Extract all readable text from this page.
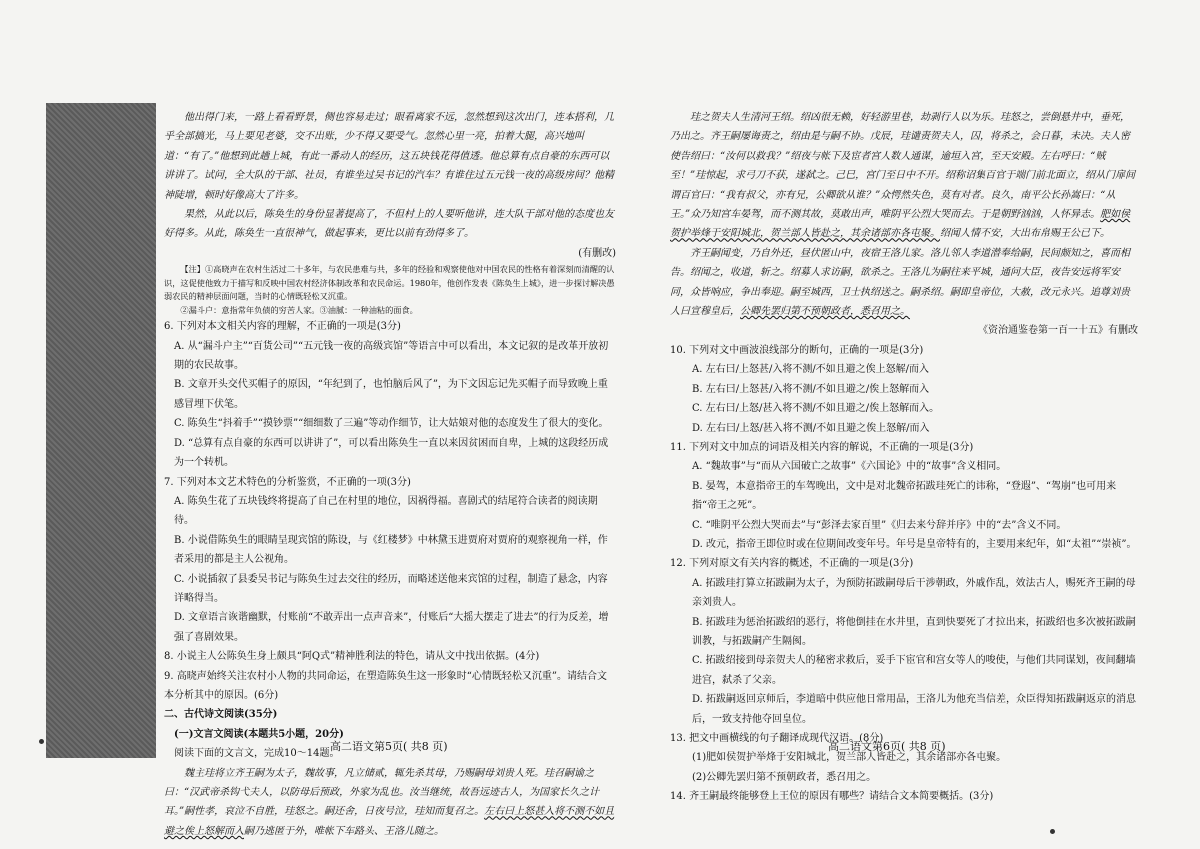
他出得门来，一路上看看野景，侧也容易走过；眼看离家不远，忽然想到这次出门，连本搭利，几乎全部搞光，马上要见老婆，交不出账，少不得又要受气。忽然心里一亮，拍着大腿，高兴地叫道：“有了。”他想到此趟上城，有此一番动人的经历，这五块钱花得值透。他总算有点自豪的东西可以讲讲了。试问，全大队的干部、社员，有谁坐过吴书记的汽车？有谁住过五元钱一夜的高级房间？他精神陡增，顿时好像高大了许多。

果然，从此以后，陈奂生的身份显著提高了，不但村上的人要听他讲，连大队干部对他的态度也友好得多。从此，陈奂生一直很神气，做起事来，更比以前有劲得多了。

(有删改)

【注】①高晓声在农村生活过二十多年，与农民患难与共，多年的经验和观察使他对中国农民的性格有着深刻而清醒的认识，这促使他致力于描写和反映中国农村经济体制改革和农民命运。1980年，他创作发表《陈奂生上城》，进一步探讨解决愚弱农民的精神层面问题，当时的心情既轻松又沉重。

②漏斗户：意指常年负债的穷苦人家。③油腻：一种油粘的面食。

6. 下列对本文相关内容的理解，不正确的一项是(3分)

A. 从“漏斗户主”“百货公司”“五元钱一夜的高级宾馆”等语言中可以看出，本文记叙的是改革开放初期的农民故事。

B. 文章开头交代买帽子的原因，“年纪到了，也怕脑后风了”，为下文因忘记先买帽子而导致晚上重感冒埋下伏笔。

C. 陈奂生“抖着手”“摸钞票”“细细数了三遍”等动作细节，让大姑娘对他的态度发生了很大的变化。

D. “总算有点自豪的东西可以讲讲了”，可以看出陈奂生一直以来因贫困而自卑，上城的这段经历成为一个转机。

7. 下列对本文艺术特色的分析鉴赏，不正确的一项(3分)

A. 陈奂生花了五块钱终将提高了自己在村里的地位，因祸得福。喜剧式的结尾符合读者的阅读期待。

B. 小说借陈奂生的眼睛呈现宾馆的陈设，与《红楼梦》中林黛玉进贾府对贾府的观察视角一样，作者采用的都是主人公视角。

C. 小说插叙了县委吴书记与陈奂生过去交往的经历，而略述送他来宾馆的过程，制造了悬念，内容详略得当。

D. 文章语言诙谐幽默，付账前“不敢弄出一点声音来”，付账后“大摇大摆走了进去”的行为反差，增强了喜剧效果。

8. 小说主人公陈奂生身上颇具“阿Q式”精神胜利法的特色，请从文中找出依据。(4分)

9. 高晓声始终关注农村小人物的共同命运，在塑造陈奂生这一形象时“心情既轻松又沉重”。请结合文本分析其中的原因。(6分)

二、古代诗文阅读(35分)

(一)文言文阅读(本题共5小题，20分)

阅读下面的文言文，完成10～14题。

魏主珪将立齐王嗣为太子，魏故事，凡立储贰，辄先杀其母，乃赐嗣母刘贵人死。珪召嗣谕之曰：“汉武帝杀钩弋夫人，以防母后预政，外家为乱也。汝当继统，故吾远迹古人，为国家长久之计耳。”嗣性孝，哀泣不自胜，珪怒之。嗣还舍，日夜号泣，珪知而复召之。左右曰上怒甚入将不测不如且避之俟上怒解而入嗣乃逃匿于外，唯帐下车路头、王洛儿随之。

珪之贺夫人生清河王绍。绍凶很无赖，好轻游里巷，劫剥行人以为乐。珪怒之，尝倒悬井中，垂死，乃出之。齐王嗣屡诲责之，绍由是与嗣不协。戊辰，珪谴责贺夫人，囚，将杀之，会日暮，未决。夫人密使告绍曰：“汝何以救我？”绍夜与帐下及宦者宫人数人通谋，逾垣入宫，至天安殿。左右呼曰：“贼至！”珪惊起，求弓刀不获，遂弑之。己巳，宫门至日中不开。绍称诏集百官于端门前北面立，绍从门扉间谓百官曰：“我有叔父，亦有兄，公卿欲从谁？”众愕然失色，莫有对者。良久，南平公长孙嵩曰：“从王。”众乃知宫车晏驾，而不测其故，莫敢出声，唯阴平公烈大哭而去。于是朝野汹汹，人怀异志。肥如侯贺护举烽于安阳城北，贺兰部人皆赴之，其余诸部亦各屯聚。绍闻人情不安，大出布帛赐王公已下。

齐王嗣闻变，乃自外还，昼伏匿山中，夜宿王洛儿家。洛儿邻人李道潜奉给嗣，民间颇知之，喜而相告。绍闻之，收道，斩之。绍募人求访嗣，欲杀之。王洛儿为嗣往来平城，通问大臣，夜告安远将军安同，众皆响应，争出奉迎。嗣至城西，卫士执绍送之。嗣杀绍。嗣即皇帝位，大赦，改元永兴。追尊刘贵人曰宣穆皇后，公卿先罢归第不预朝政者，悉召用之。

《资治通鉴卷第一百一十五》有删改

10. 下列对文中画波浪线部分的断句，正确的一项是(3分)

A. 左右曰/上怒甚/入将不测/不如且避之俟上怒解/而入

B. 左右曰/上怒甚/入将不测/不如且避之/俟上怒解而入

C. 左右曰/上怒/甚入将不测/不如且避之/俟上怒解而入。

D. 左右曰/上怒/甚入将不测/不如且避之俟上怒解/而入

11. 下列对文中加点的词语及相关内容的解说，不正确的一项是(3分)

A. “魏故事”与“而从六国破亡之故事”《六国论》中的“故事”含义相同。

B. 晏驾，本意指帝王的车驾晚出，文中是对北魏帝拓跋珪死亡的讳称，“登遐”、“驾崩”也可用来指“帝王之死”。

C. “唯阴平公烈大哭而去”与“彭泽去家百里”《归去来兮辞并序》中的“去”含义不同。

D. 改元，指帝王即位时或在位期间改变年号。年号是皇帝特有的，主要用来纪年，如“太祖”“崇祯”。

12. 下列对原文有关内容的概述，不正确的一项是(3分)

A. 拓跋珪打算立拓跋嗣为太子，为预防拓跋嗣母后干涉朝政，外戚作乱，效法古人，赐死齐王嗣的母亲刘贵人。

B. 拓跋珪为惩治拓跋绍的恶行，将他倒挂在水井里，直到快要死了才拉出来，拓跋绍也多次被拓跋嗣训教，与拓跋嗣产生隔阂。

C. 拓跋绍接到母亲贺夫人的秘密求救后，妥手下宦官和宫女等人的唆使，与他们共同谋划，夜间翻墙进宫，弑杀了父亲。

D. 拓跋嗣返回京师后，李道暗中供应他日常用品，王洛儿为他充当信差，众臣得知拓跋嗣返京的消息后，一致支持他夺回皇位。

13. 把文中画横线的句子翻译成现代汉语。(8分)

(1)肥如侯贺护举烽于安阳城北，贺兰部人皆赴之，其余诸部亦各屯聚。

(2)公卿先罢归第不预朝政者，悉召用之。

14. 齐王嗣最终能够登上王位的原因有哪些？请结合文本简要概括。(3分)

高二语文第5页( 共8 页)	高二语文第6页( 共8 页)
